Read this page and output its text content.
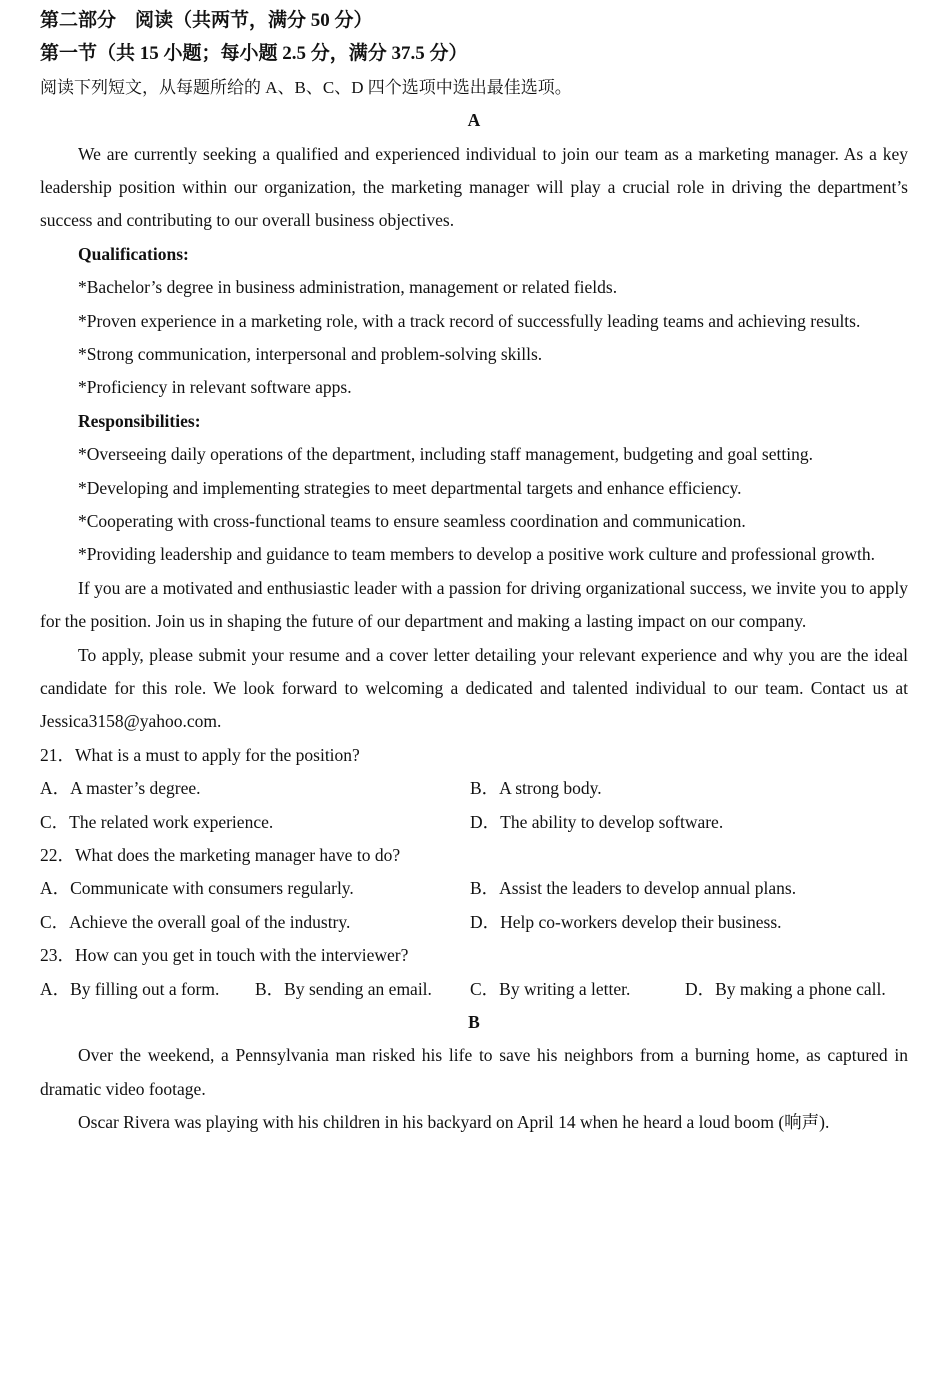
第二部分　阅读（共两节，满分 50 分）
第一节（共 15 小题；每小题 2.5 分，满分 37.5 分）
阅读下列短文，从每题所给的 A、B、C、D 四个选项中选出最佳选项。
A

We are currently seeking a qualified and experienced individual to join our team as a marketing manager. As a key leadership position within our organization, the marketing manager will play a crucial role in driving the department’s success and contributing to our overall business objectives.

Qualifications:

*Bachelor’s degree in business administration, management or related fields.

*Proven experience in a marketing role, with a track record of successfully leading teams and achieving results.

*Strong communication, interpersonal and problem-solving skills.

*Proficiency in relevant software apps.

Responsibilities:

*Overseeing daily operations of the department, including staff management, budgeting and goal setting.

*Developing and implementing strategies to meet departmental targets and enhance efficiency.

*Cooperating with cross-functional teams to ensure seamless coordination and communication.

*Providing leadership and guidance to team members to develop a positive work culture and professional growth.

If you are a motivated and enthusiastic leader with a passion for driving organizational success, we invite you to apply for the position. Join us in shaping the future of our department and making a lasting impact on our company.

To apply, please submit your resume and a cover letter detailing your relevant experience and why you are the ideal candidate for this role. We look forward to welcoming a dedicated and talented individual to our team. Contact us at Jessica3158@yahoo.com.

21．What is a must to apply for the position?
A．A master’s degree.	B．A strong body.
C．The related work experience.	D．The ability to develop software.
22．What does the marketing manager have to do?
A．Communicate with consumers regularly.	B．Assist the leaders to develop annual plans.
C．Achieve the overall goal of the industry.	D．Help co-workers develop their business.
23．How can you get in touch with the interviewer?
A．By filling out a form.	B．By sending an email.	C．By writing a letter.	D．By making a phone call.
B

Over the weekend, a Pennsylvania man risked his life to save his neighbors from a burning home, as captured in dramatic video footage.

Oscar Rivera was playing with his children in his backyard on April 14 when he heard a loud boom (响声).
